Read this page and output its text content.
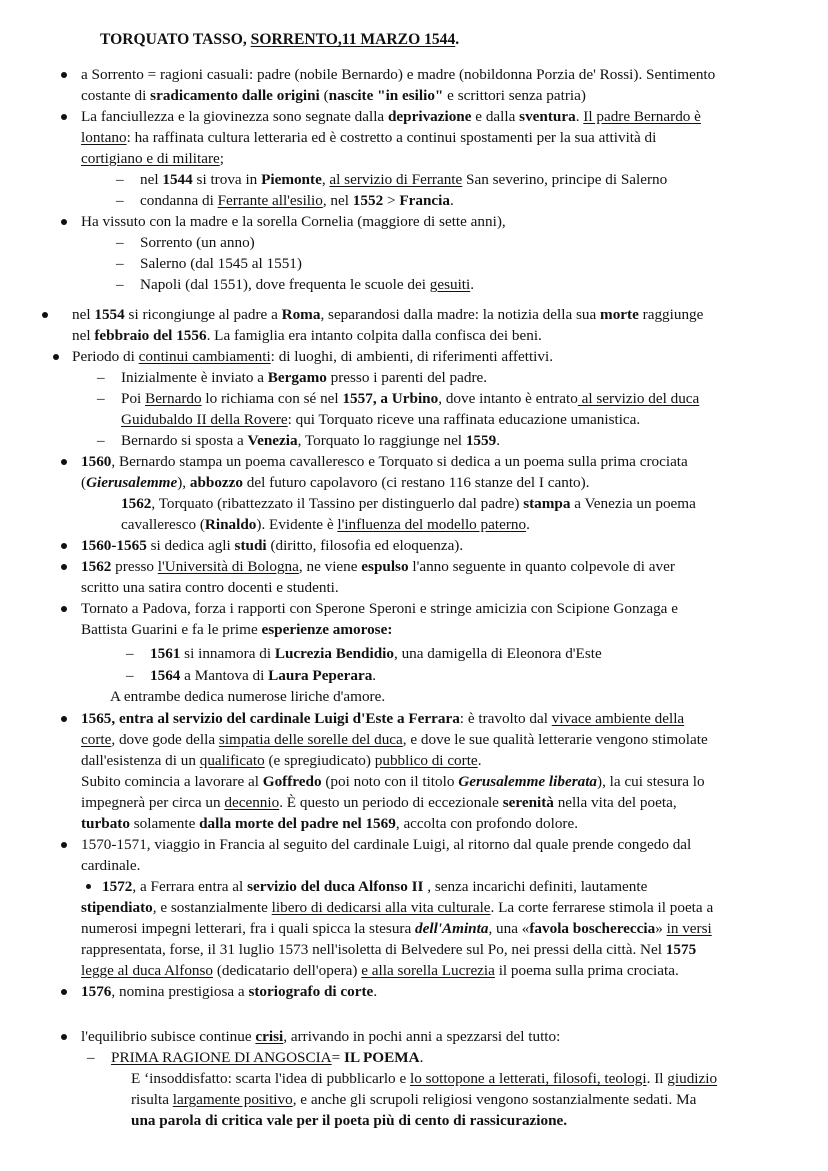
TORQUATO TASSO, SORRENTO,11 MARZO 1544.
a Sorrento = ragioni casuali: padre (nobile Bernardo) e madre (nobildonna Porzia de' Rossi). Sentimento
costante di sradicamento dalle origini (nascite "in esilio" e scrittori senza patria)
La fanciullezza e la giovinezza sono segnate dalla deprivazione e dalla sventura. Il padre Bernardo è
lontano: ha raffinata cultura letteraria ed è costretto a continui spostamenti per la sua attività di
cortigiano e di militare;
– nel 1544 si trova in Piemonte, al servizio di Ferrante San severino, principe di Salerno
– condanna di Ferrante all'esilio, nel 1552 > Francia.
Ha vissuto con la madre e la sorella Cornelia (maggiore di sette anni),
– Sorrento (un anno)
– Salerno (dal 1545 al 1551)
– Napoli (dal 1551), dove frequenta le scuole dei gesuiti.
nel 1554 si ricongiunge al padre a Roma, separandosi dalla madre: la notizia della sua morte raggiunge
nel febbraio del 1556. La famiglia era intanto colpita dalla confisca dei beni.
Periodo di continui cambiamenti: di luoghi, di ambienti, di riferimenti affettivi.
– Inizialmente è inviato a Bergamo presso i parenti del padre.
– Poi Bernardo lo richiama con sé nel 1557, a Urbino, dove intanto è entrato al servizio del duca
Guidubaldo II della Rovere: qui Torquato riceve una raffinata educazione umanistica.
– Bernardo si sposta a Venezia, Torquato lo raggiunge nel 1559.
1560, Bernardo stampa un poema cavalleresco e Torquato si dedica a un poema sulla prima crociata
(Gierusalemme), abbozzo del futuro capolavoro (ci restano 116 stanze del I canto).
1562, Torquato (ribattezzato il Tassino per distinguerlo dal padre) stampa a Venezia un poema
cavalleresco (Rinaldo). Evidente è l'influenza del modello paterno.
1560-1565 si dedica agli studi (diritto, filosofia ed eloquenza).
1562 presso l'Università di Bologna, ne viene espulso l'anno seguente in quanto colpevole di aver
scritto una satira contro docenti e studenti.
Tornato a Padova, forza i rapporti con Sperone Speroni e stringe amicizia con Scipione Gonzaga e
Battista Guarini e fa le prime esperienze amorose:
– 1561 si innamora di Lucrezia Bendidio, una damigella di Eleonora d'Este
– 1564 a Mantova di Laura Peperara.
A entrambe dedica numerose liriche d'amore.
1565, entra al servizio del cardinale Luigi d'Este a Ferrara: è travolto dal vivace ambiente della
corte, dove gode della simpatia delle sorelle del duca, e dove le sue qualità letterarie vengono stimolate
dall'esistenza di un qualificato (e spregiudicato) pubblico di corte.
Subito comincia a lavorare al Goffredo (poi noto con il titolo Gerusalemme liberata), la cui stesura lo
impegnerà per circa un decennio. È questo un periodo di eccezionale serenità nella vita del poeta,
turbato solamente dalla morte del padre nel 1569, accolta con profondo dolore.
1570-1571, viaggio in Francia al seguito del cardinale Luigi, al ritorno dal quale prende congedo dal
cardinale.
1572, a Ferrara entra al servizio del duca Alfonso II , senza incarichi definiti, lautamente
stipendiato, e sostanzialmente libero di dedicarsi alla vita culturale. La corte ferrarese stimola il poeta a
numerosi impegni letterari, fra i quali spicca la stesura dell'Aminta, una «favola boschereccia» in versi
rappresentata, forse, il 31 luglio 1573 nell'isoletta di Belvedere sul Po, nei pressi della città. Nel 1575
legge al duca Alfonso (dedicatario dell'opera) e alla sorella Lucrezia il poema sulla prima crociata.
1576, nomina prestigiosa a storiografo di corte.
l'equilibrio subisce continue crisi, arrivando in pochi anni a spezzarsi del tutto:
– PRIMA RAGIONE DI ANGOSCIA= IL POEMA.
E ‘insoddisfatto: scarta l'idea di pubblicarlo e lo sottopone a letterati, filosofi, teologi. Il giudizio
risulta largamente positivo, e anche gli scrupoli religiosi vengono sostanzialmente sedati. Ma
una parola di critica vale per il poeta più di cento di rassicurazione.
